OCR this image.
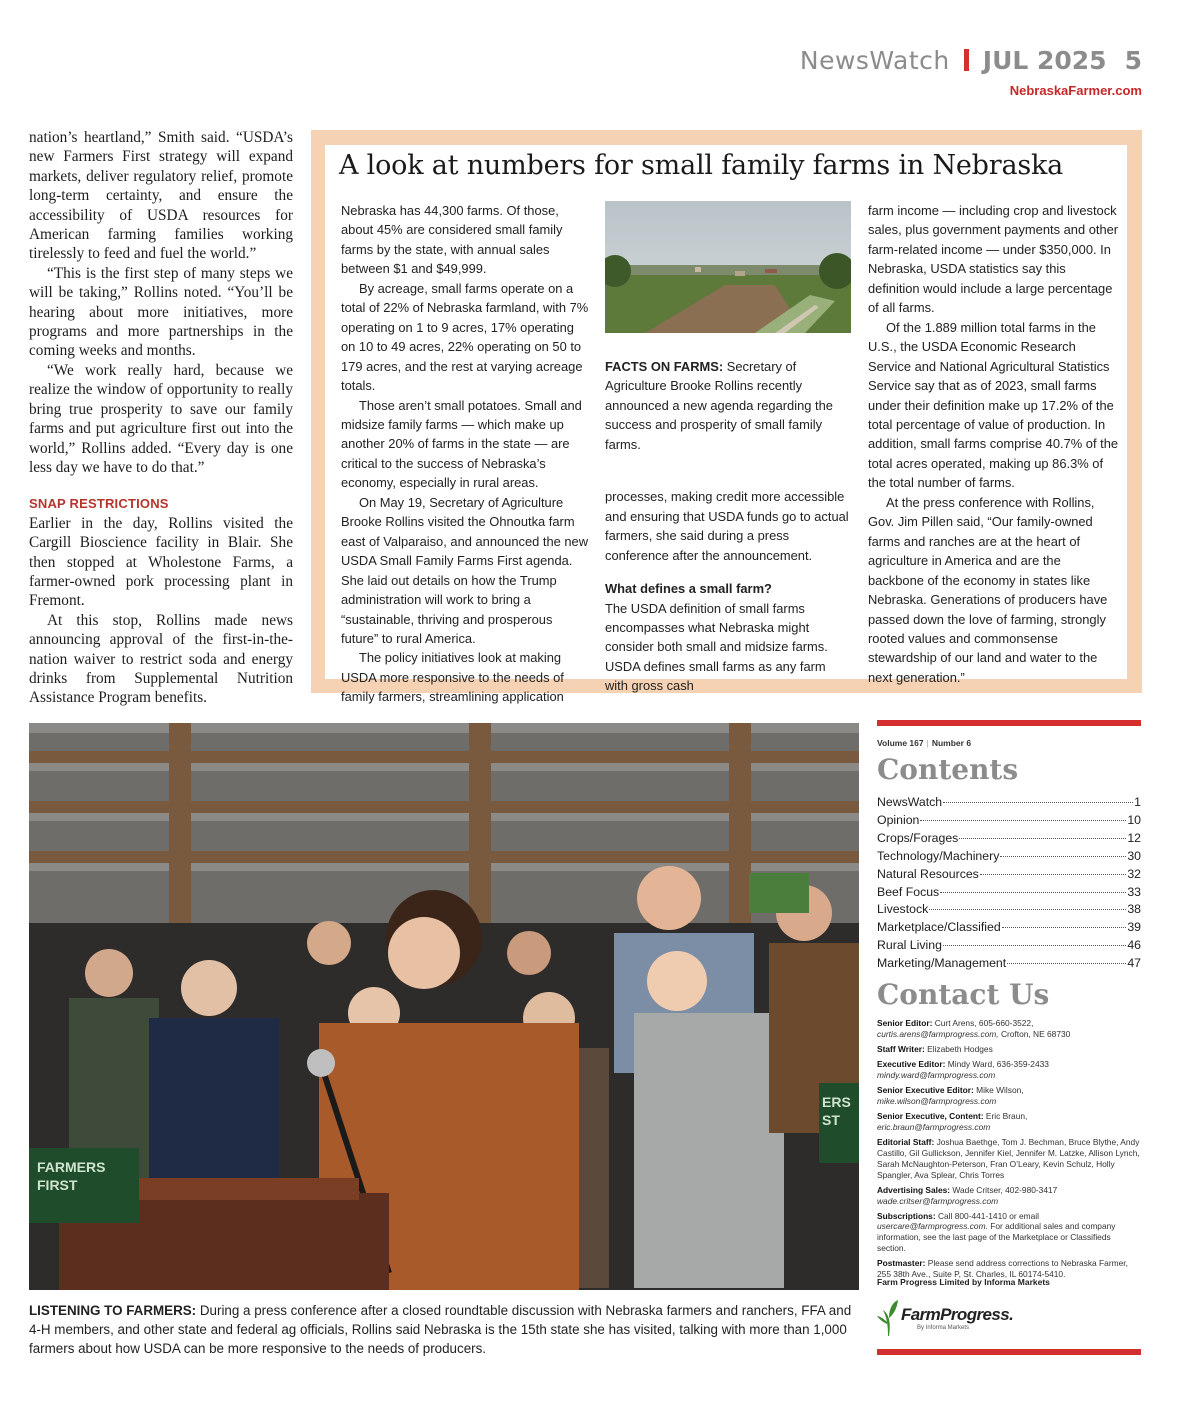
NewsWatch JUL 2025 5
NebraskaFarmer.com

nation’s heartland,” Smith said. “USDA’s new Farmers First strategy will expand markets, deliver regulatory relief, promote long-term certainty, and ensure the accessibility of USDA resources for American farming families working tirelessly to feed and fuel the world.”

“This is the first step of many steps we will be taking,” Rollins noted. “You’ll be hearing about more initiatives, more programs and more partnerships in the coming weeks and months.

“We work really hard, because we realize the window of opportunity to really bring true prosperity to save our family farms and put agriculture first out into the world,” Rollins added. “Every day is one less day we have to do that.”

SNAP RESTRICTIONS

Earlier in the day, Rollins visited the Cargill Bioscience facility in Blair. She then stopped at Wholestone Farms, a farmer-owned pork processing plant in Fremont.

At this stop, Rollins made news announcing approval of the first-in-the-nation waiver to restrict soda and energy drinks from Supplemental Nutrition Assistance Program benefits.

A look at numbers for small family farms in Nebraska

Nebraska has 44,300 farms. Of those, about 45% are considered small family farms by the state, with annual sales between $1 and $49,999.

By acreage, small farms operate on a total of 22% of Nebraska farmland, with 7% operating on 1 to 9 acres, 17% operating on 10 to 49 acres, 22% operating on 50 to 179 acres, and the rest at varying acreage totals.

Those aren’t small potatoes. Small and midsize family farms — which make up another 20% of farms in the state — are critical to the success of Nebraska’s economy, especially in rural areas.

On May 19, Secretary of Agriculture Brooke Rollins visited the Ohnoutka farm east of Valparaiso, and announced the new USDA Small Family Farms First agenda. She laid out details on how the Trump administration will work to bring a “sustainable, thriving and prosperous future” to rural America.

The policy initiatives look at making USDA more responsive to the needs of family farmers, streamlining application

FACTS ON FARMS: Secretary of Agriculture Brooke Rollins recently announced a new agenda regarding the success and prosperity of small family farms.

processes, making credit more accessible and ensuring that USDA funds go to actual farmers, she said during a press conference after the announcement.

What defines a small farm?

The USDA definition of small farms encompasses what Nebraska might consider both small and midsize farms. USDA defines small farms as any farm with gross cash

farm income — including crop and livestock sales, plus government payments and other farm-related income — under $350,000. In Nebraska, USDA statistics say this definition would include a large percentage of all farms.

Of the 1.889 million total farms in the U.S., the USDA Economic Research Service and National Agricultural Statistics Service say that as of 2023, small farms under their definition make up 17.2% of the total percentage of value of production. In addition, small farms comprise 40.7% of the total acres operated, making up 86.3% of the total number of farms.

At the press conference with Rollins, Gov. Jim Pillen said, “Our family-owned farms and ranches are at the heart of agriculture in America and are the backbone of the economy in states like Nebraska. Generations of producers have passed down the love of farming, strongly rooted values and commonsense stewardship of our land and water to the next generation.”

FARMERS
FIRST
ERS
ST
LISTENING TO FARMERS: During a press conference after a closed roundtable discussion with Nebraska farmers and ranchers, FFA and 4-H members, and other state and federal ag officials, Rollins said Nebraska is the 15th state she has visited, talking with more than 1,000 farmers about how USDA can be more responsive to the needs of producers.
Volume 167 | Number 6
Contents
NewsWatch	1
Opinion	10
Crops/Forages	12
Technology/Machinery	30
Natural Resources	32
Beef Focus	33
Livestock	38
Marketplace/Classified	39
Rural Living	46
Marketing/Management	47
Contact Us

Senior Editor: Curt Arens, 605-660-3522, curtis.arens@farmprogress.com, Crofton, NE 68730

Staff Writer: Elizabeth Hodges

Executive Editor: Mindy Ward, 636-359-2433
mindy.ward@farmprogress.com

Senior Executive Editor: Mike Wilson, mike.wilson@farmprogress.com

Senior Executive, Content: Eric Braun, eric.braun@farmprogress.com

Editorial Staff: Joshua Baethge, Tom J. Bechman, Bruce Blythe, Andy Castillo, Gil Gullickson, Jennifer Kiel, Jennifer M. Latzke, Allison Lynch, Sarah McNaughton-Peterson, Fran O’Leary, Kevin Schulz, Holly Spangler, Ava Splear, Chris Torres

Advertising Sales: Wade Critser, 402-980-3417
wade.critser@farmprogress.com

Subscriptions: Call 800-441-1410 or email usercare@farmprogress.com. For additional sales and company information, see the last page of the Marketplace or Classifieds section.

Postmaster: Please send address corrections to Nebraska Farmer, 255 38th Ave., Suite P, St. Charles, IL 60174-5410.

Farm Progress Limited by Informa Markets
FarmProgress.
By Informa Markets
